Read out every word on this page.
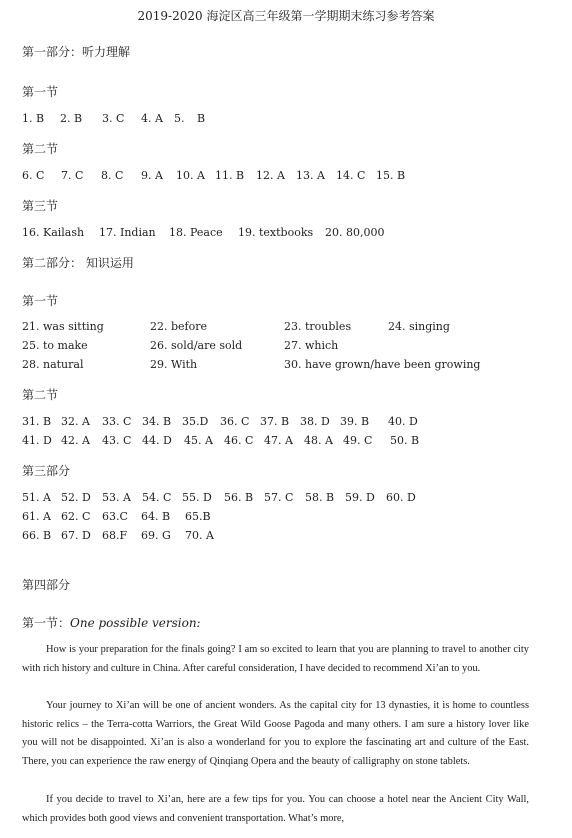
2019-2020 海淀区高三年级第一学期期末练习参考答案
第一部分：听力理解
第一节
1. B 2. B 3. C 4. A 5. B
第二节
6. C 7. C 8. C 9. A 10. A 11. B 12. A 13. A 14. C 15. B
第三节
16. Kailash 17. Indian 18. Peace 19. textbooks 20. 80,000
第二部分： 知识运用
第一节
21. was sitting	22. before	23. troubles	24. singing
25. to make	26. sold/are sold	27. which
28. natural	29. With	30. have grown/have been growing
第二节
31. B 32. A 33. C 34. B 35.D 36. C 37. B 38. D 39. B 40. D
41. D 42. A 43. C 44. D 45. A 46. C 47. A 48. A 49. C 50. B
第三部分
51. A 52. D 53. A 54. C 55. D 56. B 57. C 58. B 59. D 60. D
61. A 62. C 63.C 64. B 65.B
66. B 67. D 68.F 69. G 70. A
第四部分
第一节：One possible version:
How is your preparation for the finals going? I am so excited to learn that you are planning to travel to another city with rich history and culture in China. After careful consideration, I have decided to recommend Xi’an to you.
Your journey to Xi’an will be one of ancient wonders. As the capital city for 13 dynasties, it is home to countless historic relics – the Terra-cotta Warriors, the Great Wild Goose Pagoda and many others. I am sure a history lover like you will not be disappointed. Xi’an is also a wonderland for you to explore the fascinating art and culture of the East. There, you can experience the raw energy of Qinqiang Opera and the beauty of calligraphy on stone tablets.
If you decide to travel to Xi’an, here are a few tips for you. You can choose a hotel near the Ancient City Wall, which provides both good views and convenient transportation. What’s more,
